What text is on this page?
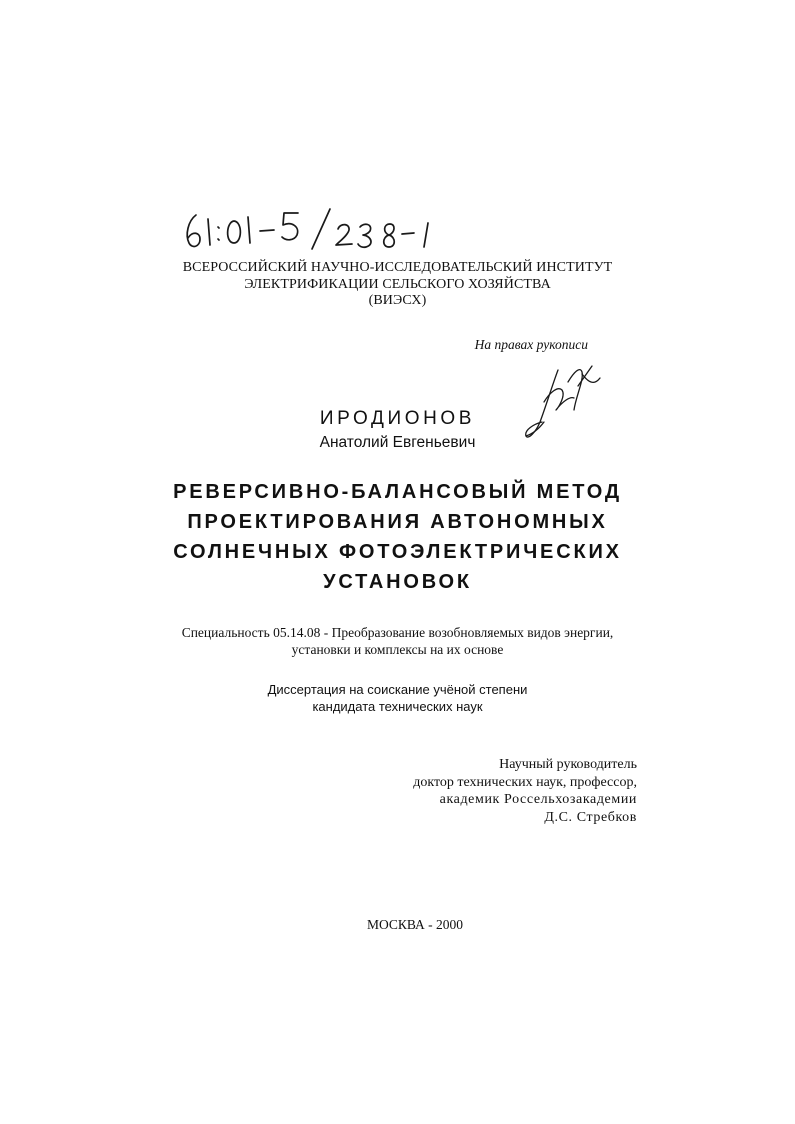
ВСЕРОССИЙСКИЙ НАУЧНО-ИССЛЕДОВАТЕЛЬСКИЙ ИНСТИТУТ
ЭЛЕКТРИФИКАЦИИ СЕЛЬСКОГО ХОЗЯЙСТВА
(ВИЭСХ)
На правах рукописи
ИРОДИОНОВ
Анатолий Евгеньевич
РЕВЕРСИВНО-БАЛАНСОВЫЙ МЕТОД
ПРОЕКТИРОВАНИЯ АВТОНОМНЫХ
СОЛНЕЧНЫХ ФОТОЭЛЕКТРИЧЕСКИХ
УСТАНОВОК
Специальность 05.14.08 - Преобразование возобновляемых видов энергии,
установки и комплексы на их основе
Диссертация на соискание учёной степени
кандидата технических наук
Научный руководитель
доктор технических наук, профессор,
академик Россельхозакадемии
Д.С. Стребков
МОСКВА - 2000
